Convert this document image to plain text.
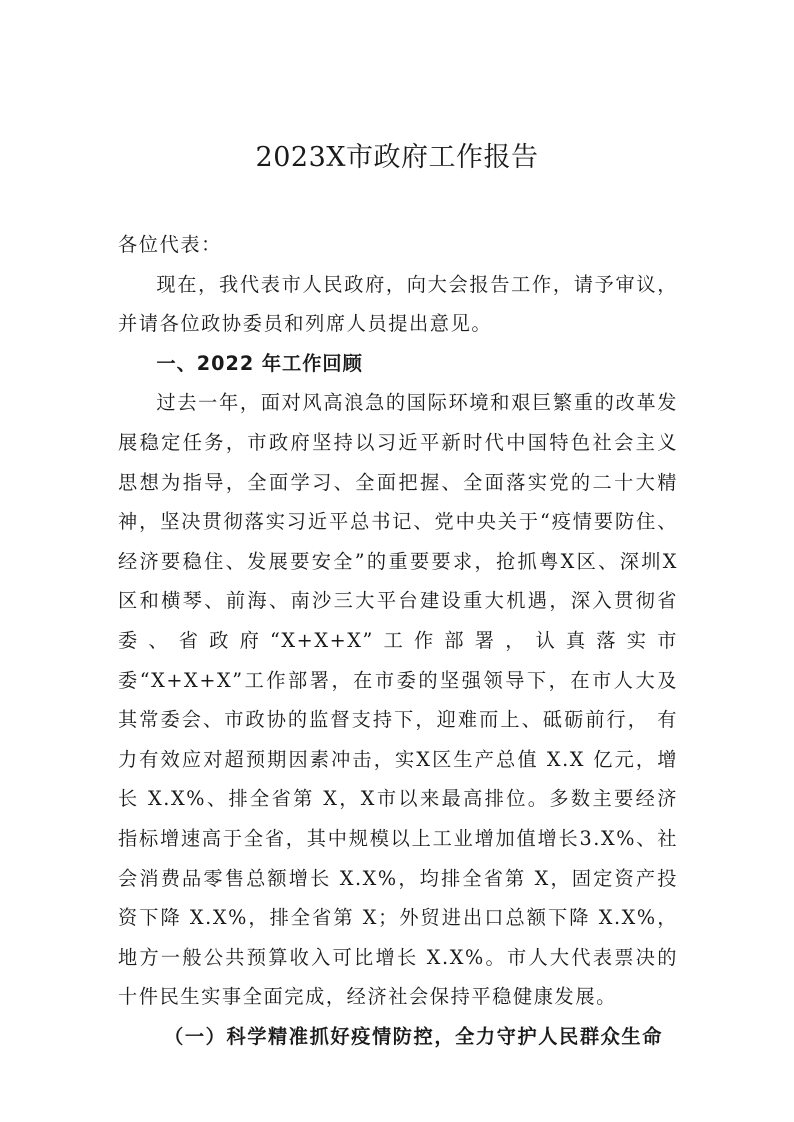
2023X市政府工作报告

各位代表：

现在，我代表市人民政府，向大会报告工作，请予审议，并请各位政协委员和列席人员提出意见。

一、2022 年工作回顾

过去一年，面对风高浪急的国际环境和艰巨繁重的改革发展稳定任务，市政府坚持以习近平新时代中国特色社会主义思想为指导，全面学习、全面把握、全面落实党的二十大精神，坚决贯彻落实习近平总书记、党中央关于“疫情要防住、经济要稳住、发展要安全”的重要要求，抢抓粤X区、深圳X区和横琴、前海、南沙三大平台建设重大机遇，深入贯彻省委、省政府“X+X+X”工作部署，认真落实市委“X+X+X”工作部署，在市委的坚强领导下，在市人大及其常委会、市政协的监督支持下，迎难而上、砥砺前行， 有力有效应对超预期因素冲击，实X区生产总值 X.X 亿元，增长 X.X%、排全省第 X，X市以来最高排位。多数主要经济指标增速高于全省，其中规模以上工业增加值增长3.X%、社会消费品零售总额增长 X.X%，均排全省第 X，固定资产投资下降 X.X%，排全省第 X；外贸进出口总额下降 X.X%，地方一般公共预算收入可比增长 X.X%。市人大代表票决的十件民生实事全面完成，经济社会保持平稳健康发展。

（一）科学精准抓好疫情防控，全力守护人民群众生命
